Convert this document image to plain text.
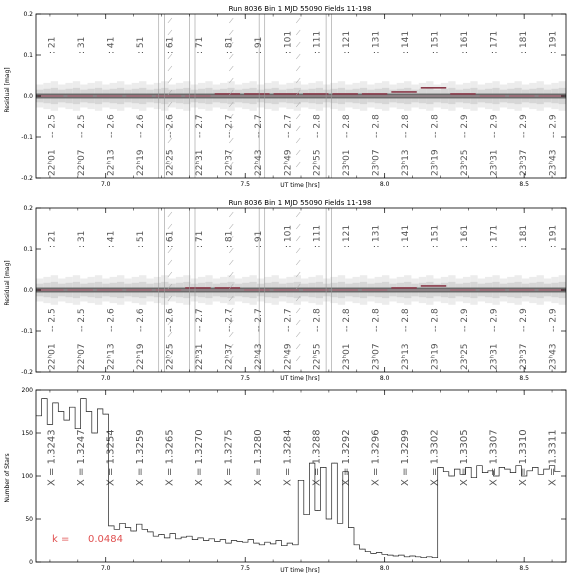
Run 8036 Bin 1 MJD 55090 Fields 11-198
UT time [hrs]
Residual [mag]
: 21
-- 2.5
22ʰ01
: 31
-- 2.5
22ʰ07
: 41
-- 2.6
22ʰ13
: 51
-- 2.6
22ʰ19
: 61
-- 2.6
22ʰ25
: 71
-- 2.7
22ʰ31
: 81
-- 2.7
22ʰ37
: 91
-- 2.7
22ʰ43
: 101
-- 2.7
22ʰ49
: 111
-- 2.8
22ʰ55
: 121
-- 2.8
23ʰ01
: 131
-- 2.8
23ʰ07
: 141
-- 2.8
23ʰ13
: 151
-- 2.8
23ʰ19
: 161
-- 2.9
23ʰ25
: 171
-- 2.9
23ʰ31
: 181
-- 2.9
23ʰ37
: 191
-- 2.9
23ʰ43
-0.2
-0.1
0.0
0.1
0.2
7.0	7.5	8.0	8.5
Run 8036 Bin 1 MJD 55090 Fields 11-198
UT time [hrs]
Residual [mag]
: 21
-- 2.5
22ʰ01
: 31
-- 2.5
22ʰ07
: 41
-- 2.6
22ʰ13
: 51
-- 2.6
22ʰ19
: 61
-- 2.6
22ʰ25
: 71
-- 2.7
22ʰ31
: 81
-- 2.7
22ʰ37
: 91
-- 2.7
22ʰ43
: 101
-- 2.7
22ʰ49
: 111
-- 2.8
22ʰ55
: 121
-- 2.8
23ʰ01
: 131
-- 2.8
23ʰ07
: 141
-- 2.8
23ʰ13
: 151
-- 2.8
23ʰ19
: 161
-- 2.9
23ʰ25
: 171
-- 2.9
23ʰ31
: 181
-- 2.9
23ʰ37
: 191
-- 2.9
23ʰ43
-0.2
-0.1
0.0
0.1
0.2
7.0	7.5	8.0	8.5
UT time [hrs]
Number of Stars
k = 0.0484
X = 1.3243 X = 1.3247 X = 1.3254 X = 1.3259 X = 1.3265 X = 1.3270 X = 1.3275 X = 1.3280 X = 1.3284 X = 1.3288 X = 1.3292 X = 1.3296 X = 1.3299 X = 1.3302 X = 1.3305 X = 1.3307 X = 1.3310 X = 1.3311
0
50
100
150
200
7.0	7.5	8.0	8.5
